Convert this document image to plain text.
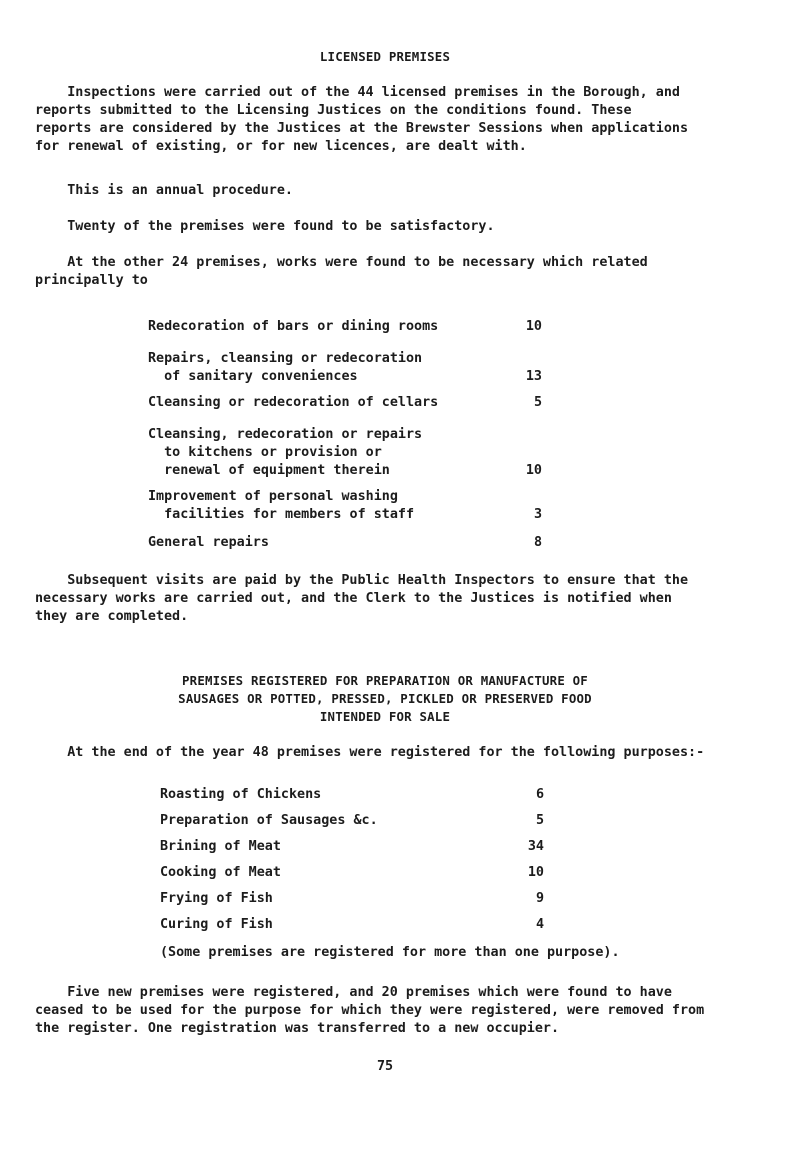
LICENSED PREMISES
Inspections were carried out of the 44 licensed premises in the Borough, and
reports submitted to the Licensing Justices on the conditions found. These
reports are considered by the Justices at the Brewster Sessions when applications
for renewal of existing, or for new licences, are dealt with.
This is an annual procedure.
Twenty of the premises were found to be satisfactory.
At the other 24 premises, works were found to be necessary which related
principally to
Redecoration of bars or dining rooms	10
Repairs, cleansing or redecoration
of sanitary conveniences	13
Cleansing or redecoration of cellars	5
Cleansing, redecoration or repairs
to kitchens or provision or
renewal of equipment therein	10
Improvement of personal washing
facilities for members of staff	3
General repairs	8
Subsequent visits are paid by the Public Health Inspectors to ensure that the
necessary works are carried out, and the Clerk to the Justices is notified when
they are completed.
PREMISES REGISTERED FOR PREPARATION OR MANUFACTURE OF
SAUSAGES OR POTTED, PRESSED, PICKLED OR PRESERVED FOOD
INTENDED FOR SALE
At the end of the year 48 premises were registered for the following purposes:-
Roasting of Chickens	6
Preparation of Sausages &c.	5
Brining of Meat	34
Cooking of Meat	10
Frying of Fish	9
Curing of Fish	4
(Some premises are registered for more than one purpose).
Five new premises were registered, and 20 premises which were found to have
ceased to be used for the purpose for which they were registered, were removed from
the register. One registration was transferred to a new occupier.
75
